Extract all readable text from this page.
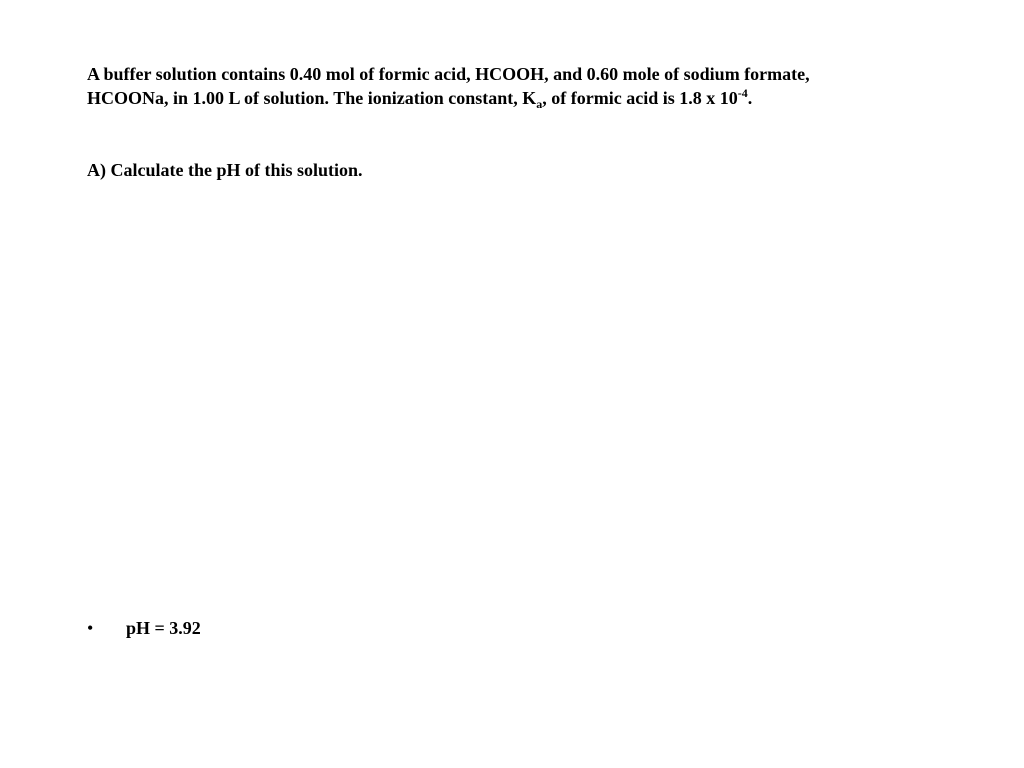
A buffer solution contains 0.40 mol of formic acid, HCOOH, and 0.60 mole of sodium formate,
HCOONa, in 1.00 L of solution. The ionization constant, $K_a$, of formic acid is 1.8 x $10^{-4}$.

A) Calculate the pH of this solution.

•	pH = 3.92
